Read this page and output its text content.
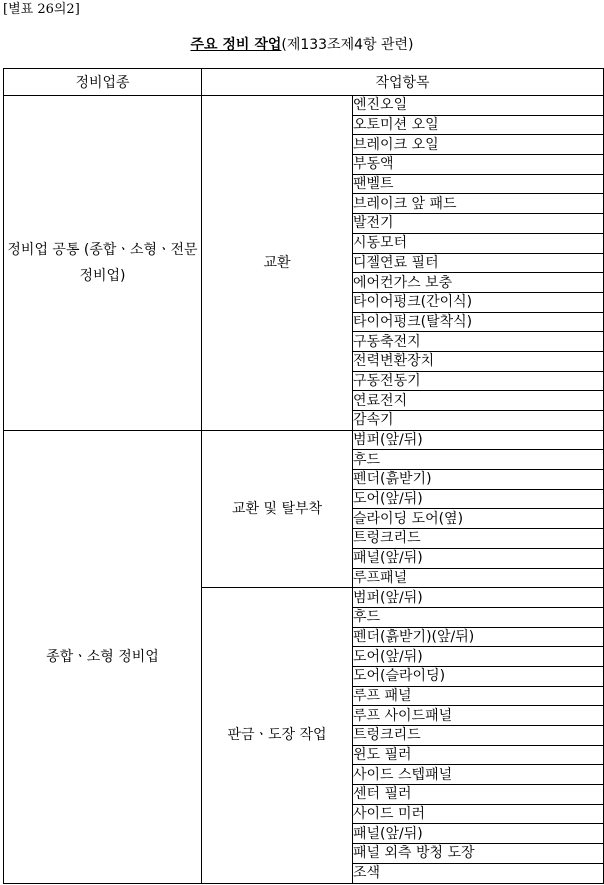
[별표 26의2]
주요 정비 작업(제133조제4항 관련)
정비업종	작업항목	
정비업 공통 (종합ㆍ소형ㆍ전문 정비업)	교환	엔진오일
		오토미션 오일
		브레이크 오일
		부동액
		팬벨트
		브레이크 앞 패드
		발전기
		시동모터
		디젤연료 필터
		에어컨가스 보충
		타이어펑크(간이식)
		타이어펑크(탈착식)
		구동축전지
		전력변환장치
		구동전동기
		연료전지
		감속기
종합ㆍ소형 정비업	교환 및 탈부착	범퍼(앞/뒤)
		후드
		펜더(흙받기)
		도어(앞/뒤)
		슬라이딩 도어(옆)
		트렁크리드
		패널(앞/뒤)
		루프패널
	판금ㆍ도장 작업	범퍼(앞/뒤)
		후드
		펜더(흙받기)(앞/뒤)
		도어(앞/뒤)
		도어(슬라이딩)
		루프 패널
		루프 사이드패널
		트렁크리드
		윈도 필러
		사이드 스텝패널
		센터 필러
		사이드 미러
		패널(앞/뒤)
		패널 외측 방청 도장
		조색
